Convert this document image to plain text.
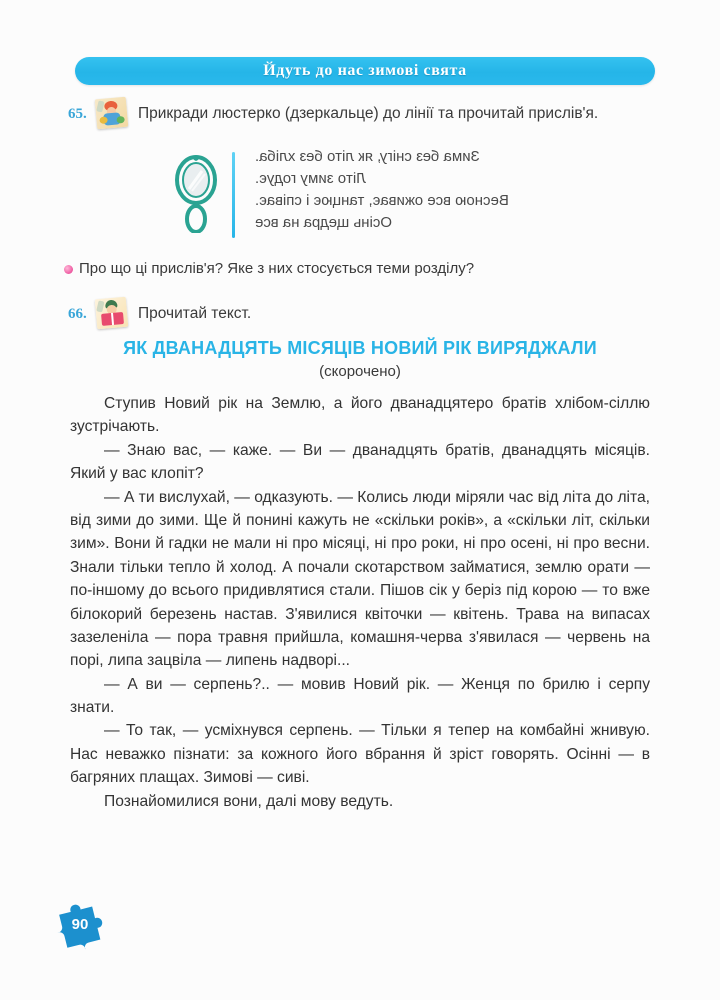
Йдуть до нас зимові свята
65.	Прикради люстерко (дзеркальце) до лінії та прочитай прислів'я.
Зима без снігу, як літо без хліба.
Літо зиму годує.
Весною все оживає, танцює і співає.
Осінь щедра на все
Про що ці прислів'я? Яке з них стосується теми розділу?
66.	Прочитай текст.
ЯК ДВАНАДЦЯТЬ МІСЯЦІВ НОВИЙ РІК ВИРЯДЖАЛИ
(скорочено)

Ступив Новий рік на Землю, а його дванадцятеро братів хлібом-сіллю зустрічають.

— Знаю вас, — каже. — Ви — дванадцять братів, дванадцять місяців. Який у вас клопіт?

— А ти вислухай, — одказують. — Колись люди міряли час від літа до літа, від зими до зими. Ще й понині кажуть не «скільки років», а «скільки літ, скільки зим». Вони й гадки не мали ні про місяці, ні про роки, ні про осені, ні про весни. Знали тільки тепло й холод. А почали скотарством займатися, землю орати — по-іншому до всього придивлятися стали. Пішов сік у беріз під корою — то вже білокорий березень настав. З'явилися квіточки — квітень. Трава на випасах зазеленіла — пора травня прийшла, комашня-черва з'явилася — червень на порі, липа зацвіла — липень надворі...

— А ви — серпень?.. — мовив Новий рік. — Женця по брилю і серпу знати.

— То так, — усміхнувся серпень. — Тільки я тепер на комбайні жнивую. Нас неважко пізнати: за кожного його вбрання й зріст говорять. Осінні — в багряних плащах. Зимові — сиві.

Познайомилися вони, далі мову ведуть.

90
